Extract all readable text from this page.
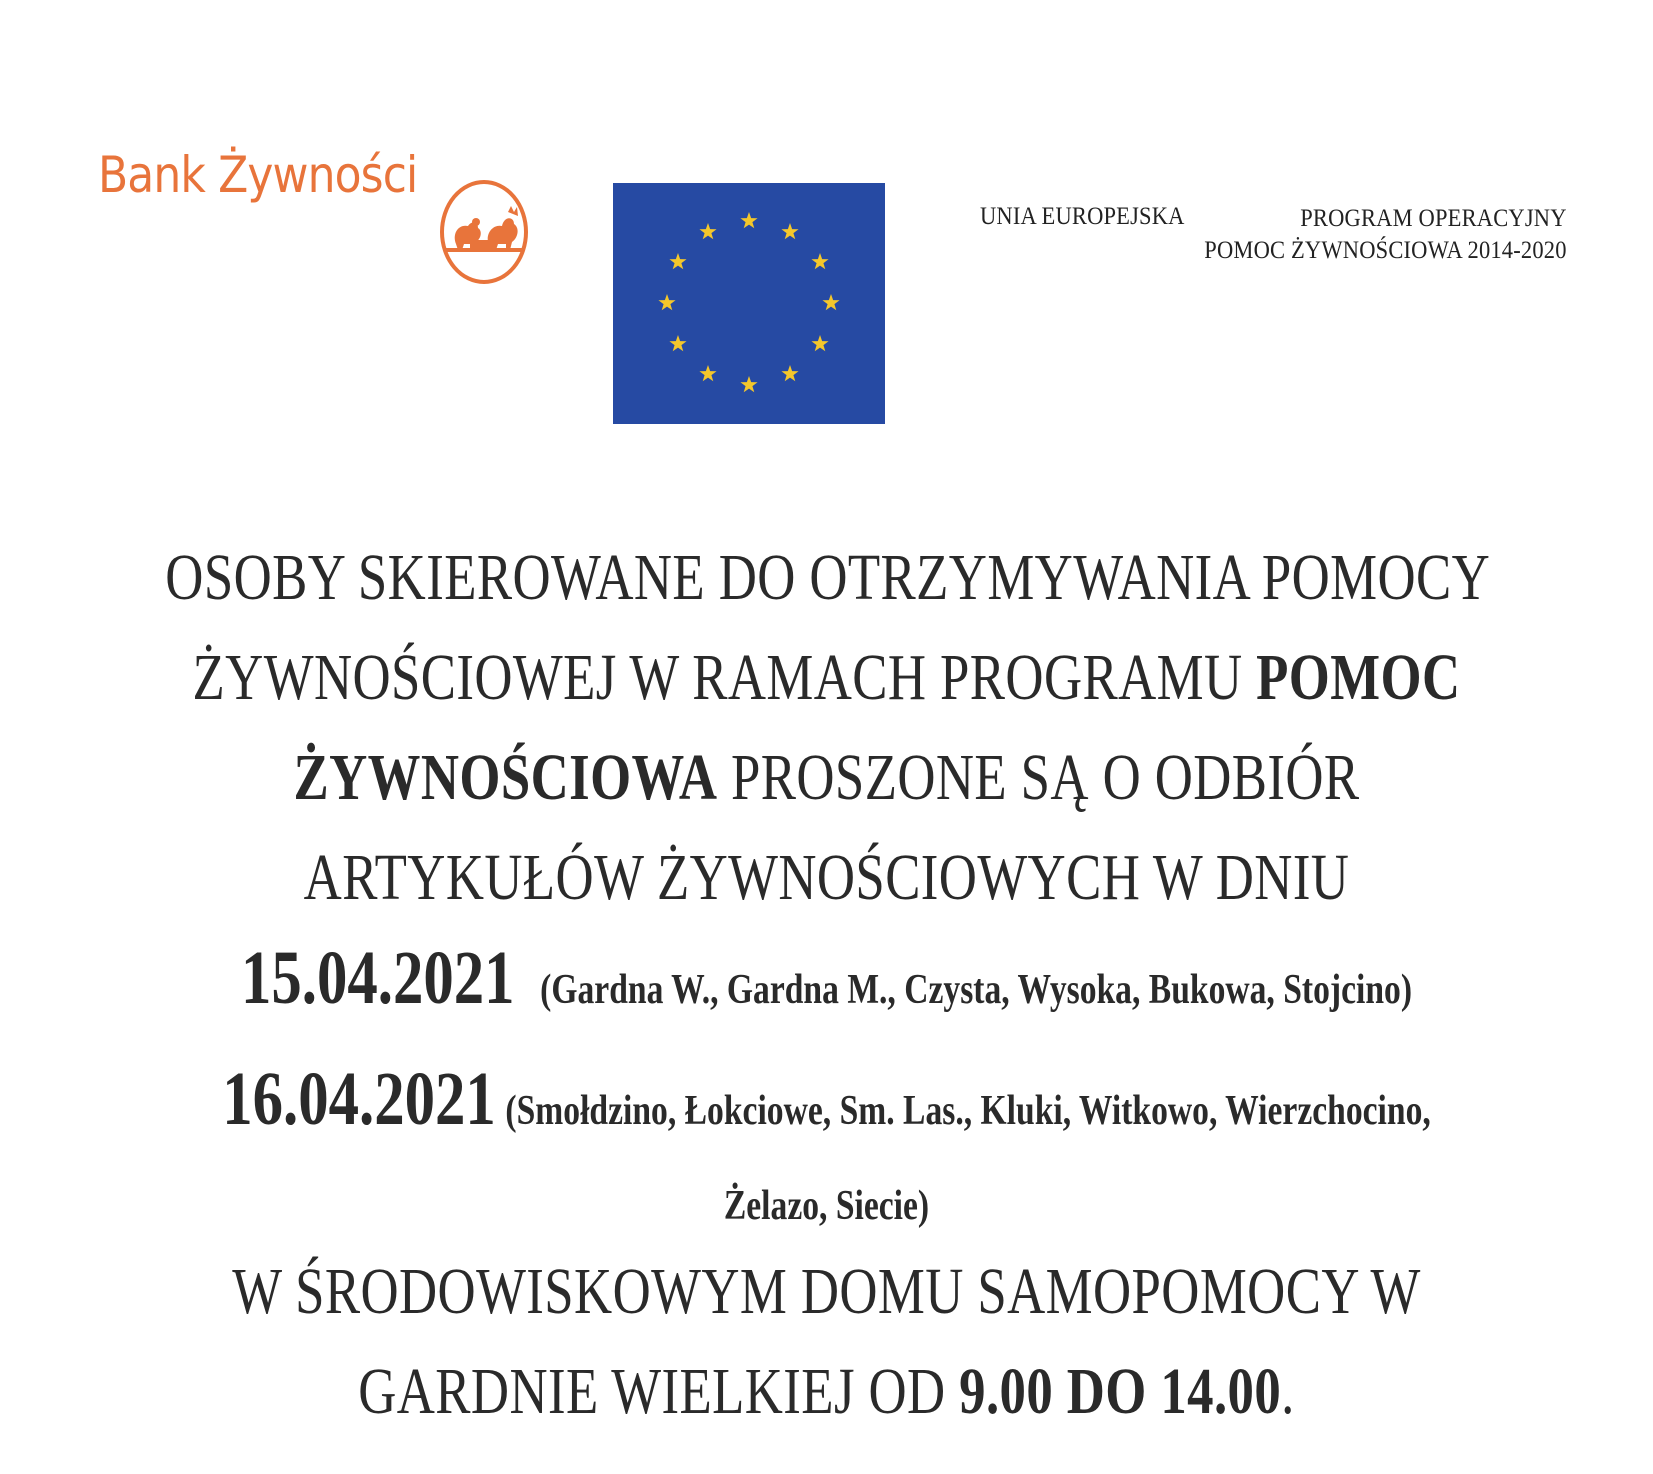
Bank Żywności
UNIA EUROPEJSKA	PROGRAM OPERACYJNY
POMOC ŻYWNOŚCIOWA 2014-2020
OSOBY SKIEROWANE DO OTRZYMYWANIA POMOCY
ŻYWNOŚCIOWEJ W RAMACH PROGRAMU POMOC
ŻYWNOŚCIOWA PROSZONE SĄ O ODBIÓR
ARTYKUŁÓW ŻYWNOŚCIOWYCH W DNIU
15.04.2021 (Gardna W., Gardna M., Czysta, Wysoka, Bukowa, Stojcino)
16.04.2021 (Smołdzino, Łokciowe, Sm. Las., Kluki, Witkowo, Wierzchocino,
Żelazo, Siecie)
W ŚRODOWISKOWYM DOMU SAMOPOMOCY W
GARDNIE WIELKIEJ OD 9.00 DO 14.00.
